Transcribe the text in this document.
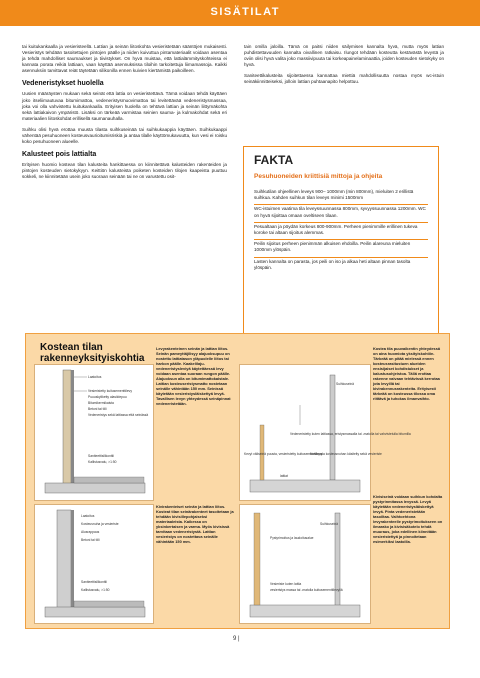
SISÄTILAT

tai kuitukankaalla ja vesieristeellä. Lattian ja seinän liitoskohta vesieristetään sääntöjen mukaisesti. Vesieristys tehdään tasoitettujen pintojen päälle ja niiden kuivuttua pintamateriaalit voidaan asentaa ja tehdä mahdolliset saumaukset ja tiivistykset. On hyvä muistaa, että lattialämmityskohteissa ei kannata porata reikiä lattiaan, vaan käyttää asennuksissa tiloihin tarkoitettuja liimamassoja. Kaikki asennuksiin tarvittavat reiät täytetään silikonilla ennen kuivien kiertämistä paikoilleen.

Vedeneristykset huolella

Uusien määräysten mukaan sekä seinät että lattia on vesieristettävä. Tämä voidaan tehdä käyttäen joko itseliimautuvaa bitumimattoa, vedeneristysmuovimattoa tai levitettävää vedeneristysmassaa, joka voi olla vahvistettu kuitukankaalla. Erityisen huolella on tehtävä lattian ja seinän liittymäkohta sekä lattiakaivon ympäristö. Lisäksi on tärkeää varmistaa seinien sauma- ja kulmakohdat sekä eri materiaalien liitoskohdat erillisellä saumanauhalla.

Suihku olisi hyvä erottaa muusta tilasta suihkuseinää tai suihkukaappia käyttäen. Suihkukaappi vähentää pesuhuoneen kosteusvaurioitumisriskiä ja antaa tilalle käyttömukavuutta, kun vesi ei roisku koko pesuhuoneen alueelle.

Kalusteet pois lattialta

Erityisen huomio kostean tilan kalusteita hankittaessa on kiinnitettävä kalusteiden rakenteiden ja pintojen kosteuden sietokykyyn. Keittiön kalusteista poiketen kosteiden tilojen kaapeista puuttuu sokkeli, ne kiinnitetään usein joko suoraan seinään tai ne on varustettu osit-

tain omilla jaloilla. Tämä on paitsi niiden säilymisen kannalta hyvä, mutta myös lattian puhdistettavuuden kannalta oivallinen ratkaisu. Ilungot tehdään kosteutta kestävästä levystä ja oviin olisi hyvä valita joko massiivipuuta tai korkeapainelaminaattia, joiden kosteuden sietokyky on hyvä.

Saniteettikalusteita sijoitettaessa kannattaa miettiä mahdollisuutta nostaa myös wc-istuin seinäkiinnitteiseksi, jolloin lattian puhtaanapito helpottuu.

FAKTA
Pesuhuoneiden kriittisiä mittoja ja ohjeita

Suihkutilan ohjeellinen leveys 900– 1000mm (min 800mm), mieluiten 2 erillistä suihkua. Kahden suihkun tilan leveys minimi 1500mm

WC-istuimen vaatima tila leveyssuunnassa 800mm, syvyyssuunnassa 1200mm. WC on hyvä sijoittaa omaan oveltiseen tilaan.

Pesualtaan ja pöydän korkeus 800-900mm. Perheen pienimmille erillinen tukeva koroke tai altaan sijoitus alemmas.

Peilin sijoitus perheen pienimmän alkuisen ehdoilla. Peilin alareuna mieluiten 1000mm ylöspäin.

Lasten kannalta on parasta, jos peili on iso ja alkaa heti altaan pinnan tasolta ylöspäin.

Kostean tilan
rakenneyksityiskohtia
Laatoitus
Vesieristetty kuitusementtilevy
Puuuskyliketty alasiidepuu
Bitumikermikaista
Betoni tai tiili
Vedeneristys sekä lattiassa että seinässä
Saniteettisilikonitii
Kallistusvalu, >1:50
Levyrakenteinen seinän ja lattian liitos. Seinän pameyttäjilisyy alajuoksupuu on nostettu lattiatason yläpuolelle liitos tai harkon päälle. Kaakelilaju-vedeneristysleviyä käytettäessä levy voidaan asentaa suoraan rungon päälle. Alajuoksun alla on bitumimattokaistale. Lattian kosteuseristysmatto nostetaan seinälle vähintään 150 mm. Seinissä käytetään vesieristysläiskettyä levyä. Tavallisen levyn yhteydessä seinäpinnat vedeneristetään.
Suihkuseinä
Vedeneristetty kuten lattiassa, eristysmassalla tai -matolla tai vahvistetulla bitumilla
Kevyt väliseinä puusta, vesieristetty kuitusementtilevy
Nostopala kosteusnuhan käsitelty sekä vesieriste
lattiat
Kostea tila puuvaikentin yhteydessä on aina huomiota yksityiskohtiin. Tärkeää on pitää mielessä ennen kosteusrasitustuen alueiden ensisijaiset kohdistukset ja kalustusohjeistoa. Tällä erottaa rakenne vaivaan tehtävissä kerrotaa jota levyillä tai kivirakennusrakenteita. Erityisesti tärkeää on kosteussa tilossa oma riittävä ja tuhokas ilmanvaihto.
Laatoitus
Kosteusnuha ja vesieriste
Alusrappaus
Betoni tai tiili
Saniteettisilikonitii
Kallistusvalu, >1:50
Kivirakenteiset seinän ja lattian liitos. Kosteat tilan seinärakenteet tasoitetaan ja tehdään kivisillepohjaiseksi materiaaleista. Kaikessa on yksinkertaisen ja varma. Myös kivisissä tarvitaan vedeneristystä. Lattian vesieristys on nostettava seinälle vähintään 150 mm.
Suihkuseinä
Pystyrimoitus ja laudoitusalue
Vesieriste kuten lattia
vesieristys massa tai -matolla kuitusementtilevyllä
Kivisiseinä voidaan suihkun kohdalta pystyrinmitassa levyssä. Levyä käytetään vedeneristysläiskettyä levyä. Pinta vedeneristetään tasoiltaa. Vaihtoehtona levyrakenteelle pystyrimoitukseen on ilmarako ja kivisisäkotelo tehdä muuraus, joka edellinen kiinnitään vesieristettyä ja pinnoitetaan esimerkiksi laatoilla.
9 |
